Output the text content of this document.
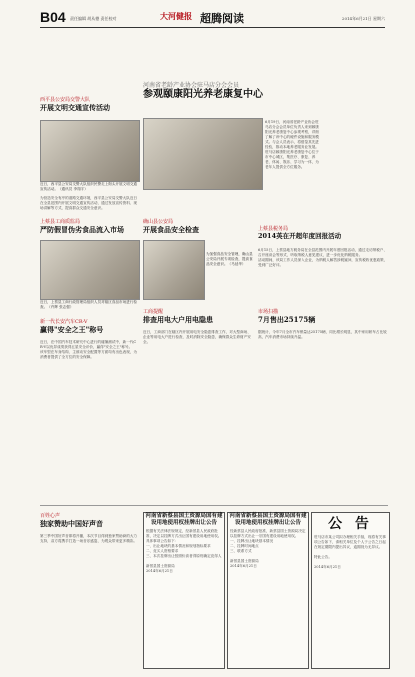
B04 责任编辑 胡从德 责任校对	大河健报 超腾阅读	2014年6月21日 星期六
河南省老龄产业协会驻马店分会会员
参观颐康阳光养老康复中心
6月19日，河南省老龄产业协会驻马店分会会员单位负责人来到颐康阳光养老康复中心参观考察，详细了解了该中心的硬件设施和服务模式。与会人员表示，将借鉴其先进经验，推动本地养老服务业发展。
驻马店颐康阳光养老康复中心位于市中心城区，集医疗、康复、养老、休闲、娱乐、学习为一体，为老年人提供全方位服务。
西平县公安局交警大队
开展文明交通宣传活动
近日，西平县公安局交警大队组织民警走上街头开展文明交通宣传活动。（通讯员 李翔宇）
为营造安全有序的道路交通环境，西平县公安局交警大队近日在全县范围内开展文明交通宣传活动，通过发放宣传资料、现场讲解等方式，提高群众交通安全意识。
上蔡县工商质监局
严防假冒伪劣食品流入市场
近日，上蔡县工商行政管理局组织人员对辖区食品市场进行检查。（许辉 张志强）
确山县公安局
开展食品安全检查
为加强食品安全管理，确山县公安局开展专项检查，提高食品安全意识。（马延华）
上蔡县税务局
2014英在开超年度回报活动
6月15日，上蔡县地方税务局在全县范围内开展年度回报活动，通过走访纳税户、召开座谈会等形式，听取纳税人意见建议，进一步优化纳税服务。
活动期间，该局工作人员深入企业，为纳税人解答涉税疑问，宣传税收优惠政策，受到广泛好评。
工商提醒
排查用电大户用电隐患
近日，工商部门在辖区内开展用电安全隐患排查工作，对大型商场、企业等用电大户进行检查，及时消除安全隐患，确保群众生命财产安全。
市场扫描
7月售出25175辆
据统计，今年7月全市汽车销量达25175辆，同比增长明显，其中家用轿车占比较高，汽车消费市场持续升温。
新一代长安汽车CR-V
赢得"安全之王"称号
近日，在中国汽车技术研究中心进行的碰撞测试中，新一代CR-V以优异成绩获得五星安全评价，赢得"安全之王"称号。
该车型在车身结构、主被动安全配置等方面均有出色表现，为消费者提供了全方位的安全保障。
百姓心声
独家赞助中国好声音
第三季中国好声音即将开播，本次节目得到独家赞助商的大力支持，双方将携手打造一场音乐盛宴，为观众带来更多精彩。
河南省新蔡县国土资源局国有建设用地使用权挂牌出让公告
根据有关法律法规规定，经新蔡县人民政府批准，决定以挂牌方式出让国有建设用地使用权。具体事项公告如下：
一、出让地块的基本情况和规划指标要求
二、竞买人资格要求
三、本次挂牌出让按照价高者得原则确定竞得人

新蔡县国土资源局
2014年6月21日
河南省新蔡县国土资源局国有建设用地使用权挂牌出让公告
经新蔡县人民政府批准，新蔡县国土资源局决定以挂牌方式出让一宗国有建设用地使用权。
一、挂牌出让地块基本情况
二、挂牌时间地点
三、联系方式

新蔡县国土资源局
2014年6月21日
公 告
驻马店市某公司拟办理相关手续，现将有关事项公告如下，请相关单位及个人于公告之日起在规定期限内提出异议，逾期视为无异议。

特此公告。

2014年6月21日
